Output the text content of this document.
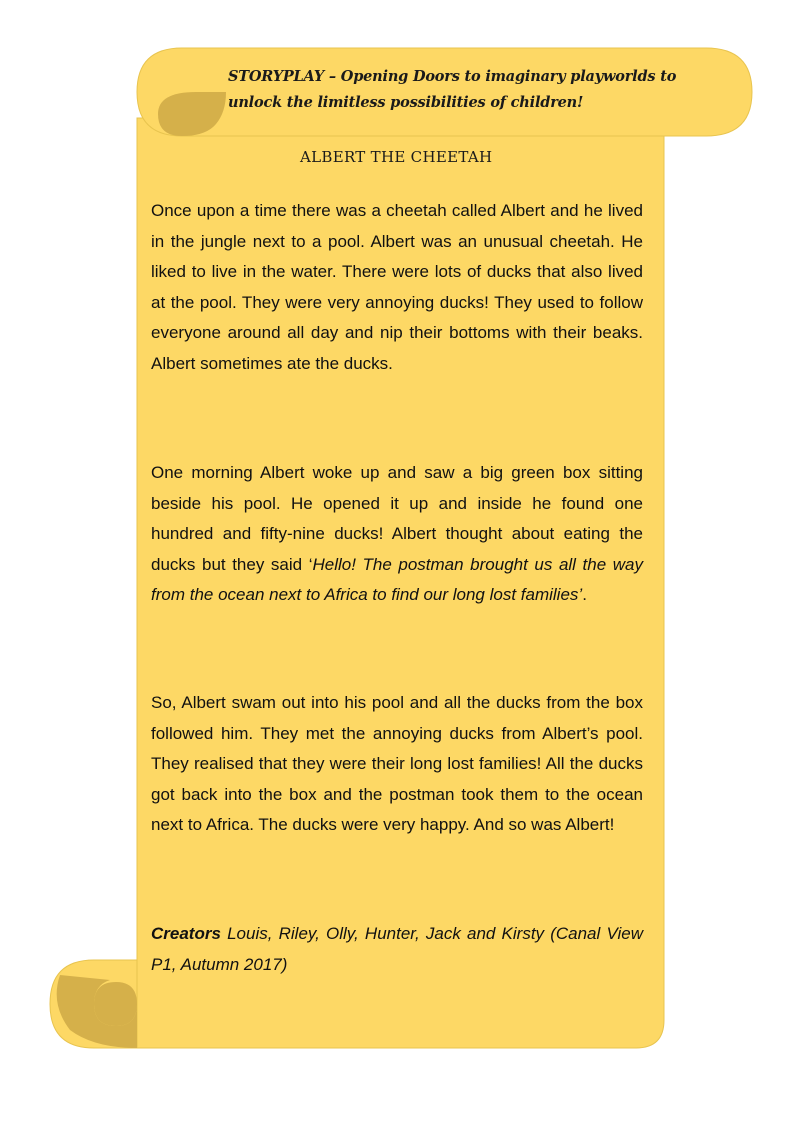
STORYPLAY – Opening Doors to imaginary playworlds to unlock the limitless possibilities of children!
ALBERT THE CHEETAH

Once upon a time there was a cheetah called Albert and he lived in the jungle next to a pool. Albert was an unusual cheetah. He liked to live in the water. There were lots of ducks that also lived at the pool. They were very annoying ducks! They used to follow everyone around all day and nip their bottoms with their beaks. Albert sometimes ate the ducks.

One morning Albert woke up and saw a big green box sitting beside his pool. He opened it up and inside he found one hundred and fifty-nine ducks! Albert thought about eating the ducks but they said ‘Hello! The postman brought us all the way from the ocean next to Africa to find our long lost families’.

So, Albert swam out into his pool and all the ducks from the box followed him. They met the annoying ducks from Albert’s pool. They realised that they were their long lost families! All the ducks got back into the box and the postman took them to the ocean next to Africa. The ducks were very happy. And so was Albert!

Creators Louis, Riley, Olly, Hunter, Jack and Kirsty (Canal View P1, Autumn 2017)
